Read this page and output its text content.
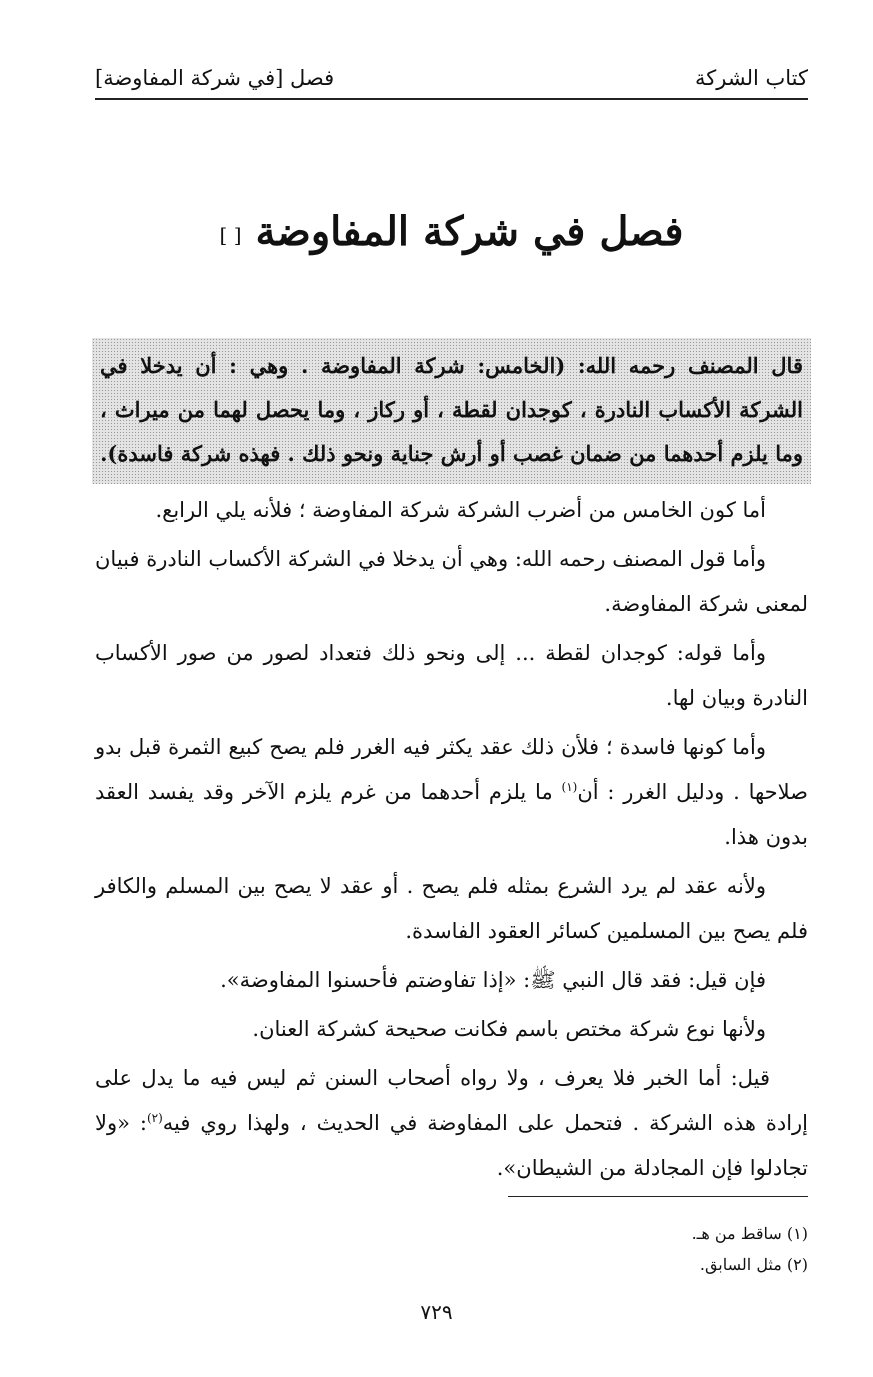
كتاب الشركة
فصل [في شركة المفاوضة]
فصل في شركة المفاوضة [ ]
قال المصنف رحمه الله: (الخامس: شركة المفاوضة . وهي : أن يدخلا في الشركة الأكساب النادرة ، كوجدان لقطة ، أو ركاز ، وما يحصل لهما من ميراث ، وما يلزم أحدهما من ضمان غصب أو أرش جناية ونحو ذلك . فهذه شركة فاسدة).

أما كون الخامس من أضرب الشركة شركة المفاوضة ؛ فلأنه يلي الرابع.

وأما قول المصنف رحمه الله: وهي أن يدخلا في الشركة الأكساب النادرة فبيان لمعنى شركة المفاوضة.

وأما قوله: كوجدان لقطة ... إلى ونحو ذلك فتعداد لصور من صور الأكساب النادرة وبيان لها.

وأما كونها فاسدة ؛ فلأن ذلك عقد يكثر فيه الغرر فلم يصح كبيع الثمرة قبل بدو صلاحها . ودليل الغرر : أن$^{(١)}$ ما يلزم أحدهما من غرم يلزم الآخر وقد يفسد العقد بدون هذا.

ولأنه عقد لم يرد الشرع بمثله فلم يصح . أو عقد لا يصح بين المسلم والكافر فلم يصح بين المسلمين كسائر العقود الفاسدة.

فإن قيل: فقد قال النبي ﷺ: «إذا تفاوضتم فأحسنوا المفاوضة».

ولأنها نوع شركة مختص باسم فكانت صحيحة كشركة العنان.

قيل: أما الخبر فلا يعرف ، ولا رواه أصحاب السنن ثم ليس فيه ما يدل على إرادة هذه الشركة . فتحمل على المفاوضة في الحديث ، ولهذا روي فيه$^{(٢)}$: «ولا تجادلوا فإن المجادلة من الشيطان».

(١) ساقط من هـ.

(٢) مثل السابق.

٧٢٩
